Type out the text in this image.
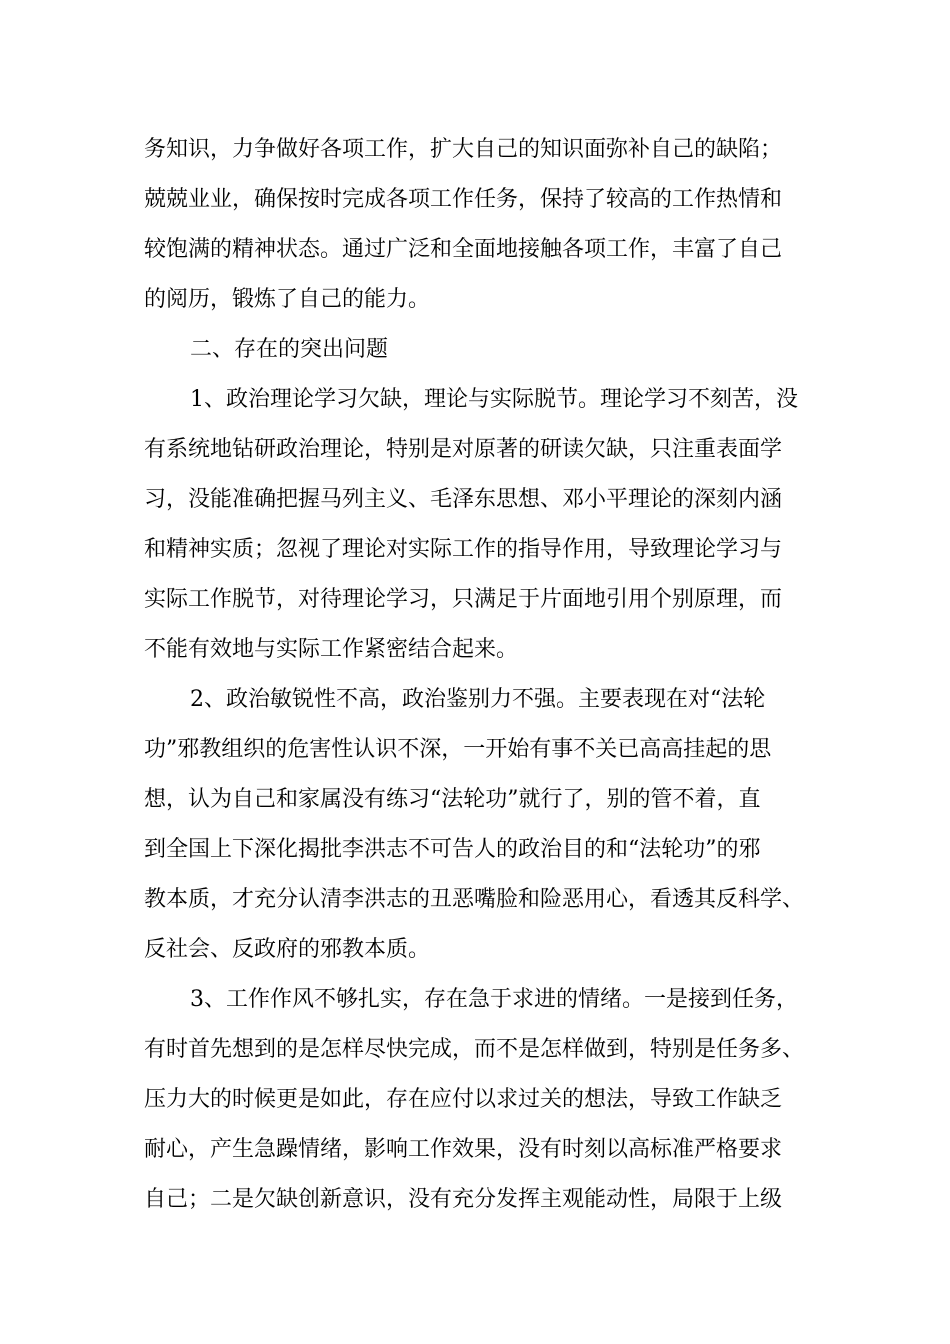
务知识，力争做好各项工作，扩大自己的知识面弥补自己的缺陷；
兢兢业业，确保按时完成各项工作任务，保持了较高的工作热情和
较饱满的精神状态。通过广泛和全面地接触各项工作，丰富了自己
的阅历，锻炼了自己的能力。
二、存在的突出问题
1、政治理论学习欠缺，理论与实际脱节。理论学习不刻苦，没
有系统地钻研政治理论，特别是对原著的研读欠缺，只注重表面学
习，没能准确把握马列主义、毛泽东思想、邓小平理论的深刻内涵
和精神实质；忽视了理论对实际工作的指导作用，导致理论学习与
实际工作脱节，对待理论学习，只满足于片面地引用个别原理，而
不能有效地与实际工作紧密结合起来。
2、政治敏锐性不高，政治鉴别力不强。主要表现在对“法轮
功”邪教组织的危害性认识不深，一开始有事不关已高高挂起的思
想，认为自己和家属没有练习“法轮功”就行了，别的管不着，直
到全国上下深化揭批李洪志不可告人的政治目的和“法轮功”的邪
教本质，才充分认清李洪志的丑恶嘴脸和险恶用心，看透其反科学、
反社会、反政府的邪教本质。
3、工作作风不够扎实，存在急于求进的情绪。一是接到任务，
有时首先想到的是怎样尽快完成，而不是怎样做到，特别是任务多、
压力大的时候更是如此，存在应付以求过关的想法，导致工作缺乏
耐心，产生急躁情绪，影响工作效果，没有时刻以高标准严格要求
自己；二是欠缺创新意识，没有充分发挥主观能动性，局限于上级
